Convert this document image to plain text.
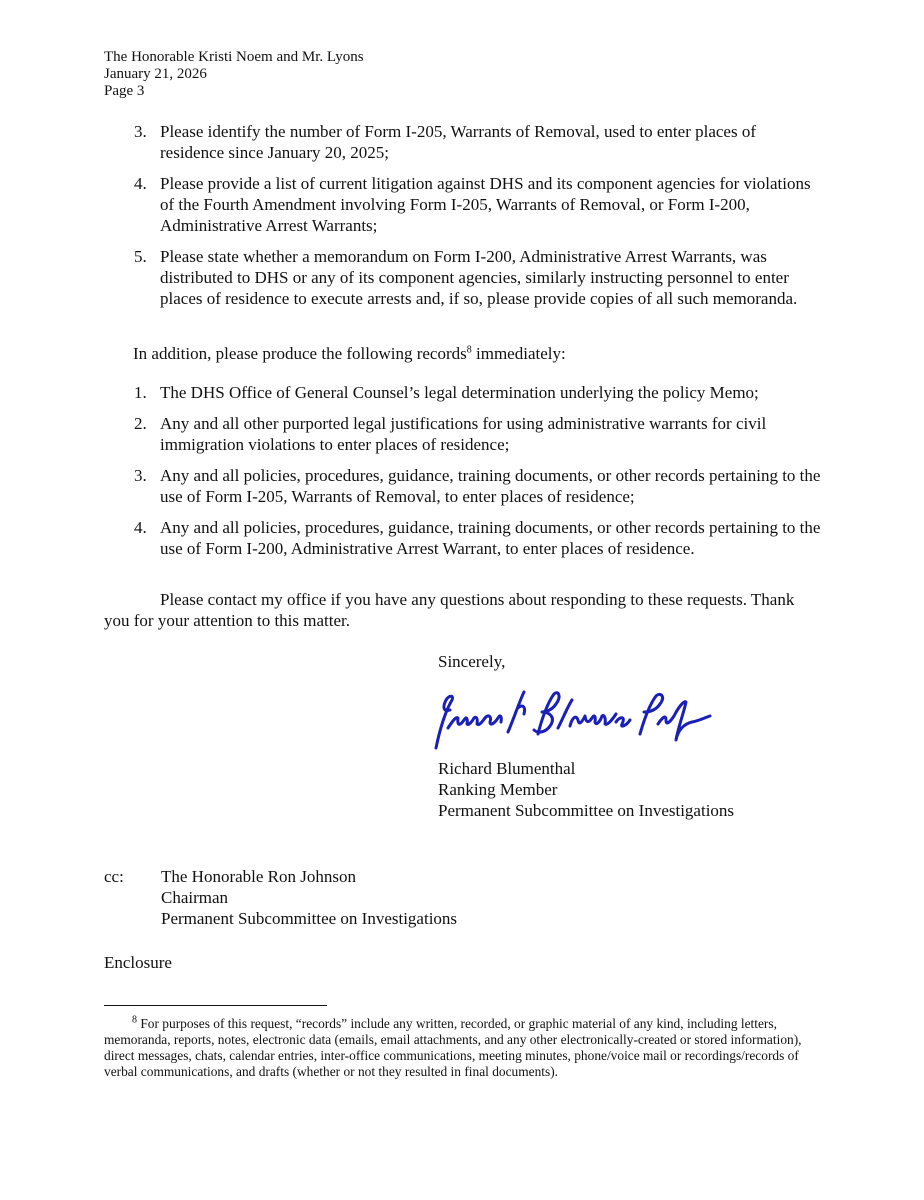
The Honorable Kristi Noem and Mr. Lyons
January 21, 2026
Page 3
3. Please identify the number of Form I-205, Warrants of Removal, used to enter places of residence since January 20, 2025;
4. Please provide a list of current litigation against DHS and its component agencies for violations of the Fourth Amendment involving Form I-205, Warrants of Removal, or Form I-200, Administrative Arrest Warrants;
5. Please state whether a memorandum on Form I-200, Administrative Arrest Warrants, was distributed to DHS or any of its component agencies, similarly instructing personnel to enter places of residence to execute arrests and, if so, please provide copies of all such memoranda.
In addition, please produce the following records$^8$ immediately:
1. The DHS Office of General Counsel’s legal determination underlying the policy Memo;
2. Any and all other purported legal justifications for using administrative warrants for civil immigration violations to enter places of residence;
3. Any and all policies, procedures, guidance, training documents, or other records pertaining to the use of Form I-205, Warrants of Removal, to enter places of residence;
4. Any and all policies, procedures, guidance, training documents, or other records pertaining to the use of Form I-200, Administrative Arrest Warrant, to enter places of residence.
Please contact my office if you have any questions about responding to these requests. Thank you for your attention to this matter.
Sincerely,
Richard Blumenthal
Ranking Member
Permanent Subcommittee on Investigations
cc: The Honorable Ron Johnson
Chairman
Permanent Subcommittee on Investigations
Enclosure
$^8$ For purposes of this request, “records” include any written, recorded, or graphic material of any kind, including letters, memoranda, reports, notes, electronic data (emails, email attachments, and any other electronically-created or stored information), direct messages, chats, calendar entries, inter-office communications, meeting minutes, phone/voice mail or recordings/records of verbal communications, and drafts (whether or not they resulted in final documents).
